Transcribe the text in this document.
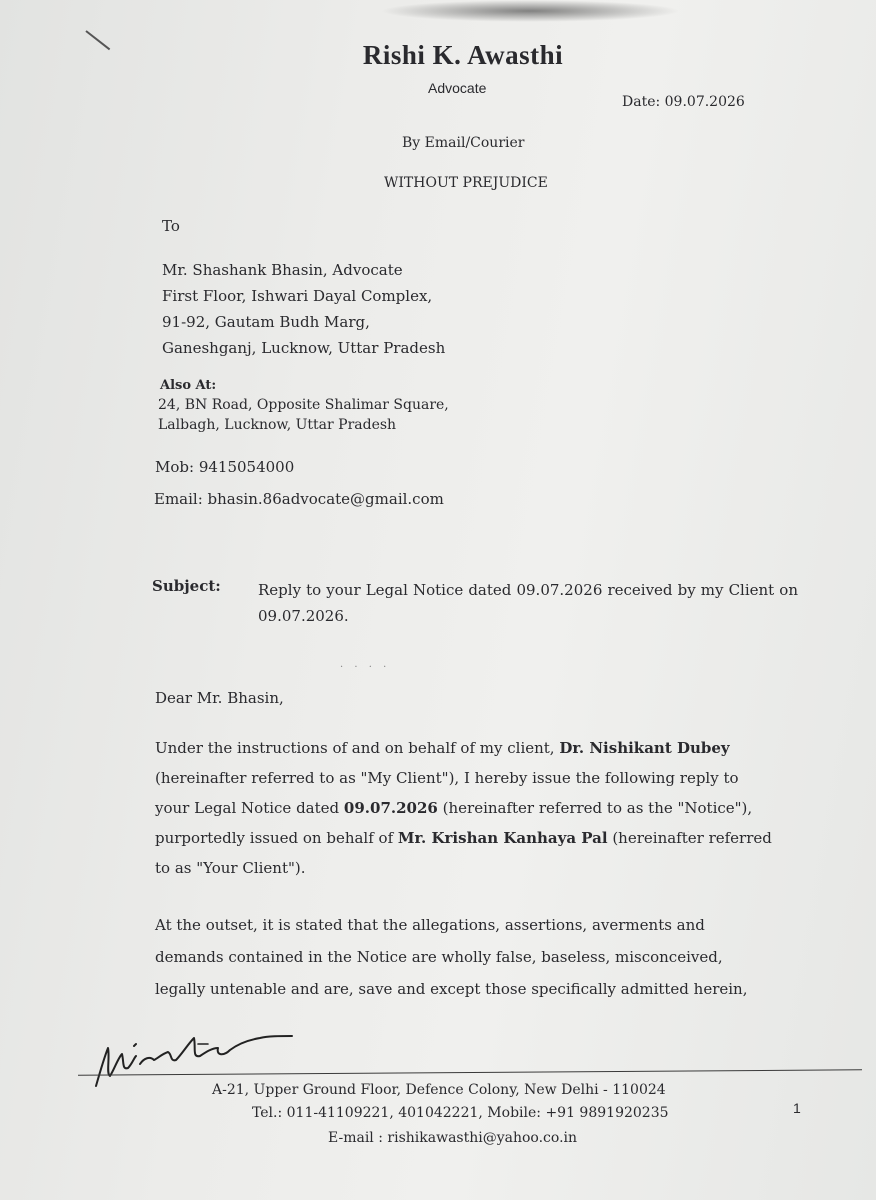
Rishi K. Awasthi
Advocate
Date: 09.07.2026
By Email/Courier
WITHOUT PREJUDICE
To
Mr. Shashank Bhasin, Advocate
First Floor, Ishwari Dayal Complex,
91-92, Gautam Budh Marg,
Ganeshganj, Lucknow, Uttar Pradesh
Also At:
24, BN Road, Opposite Shalimar Square,
Lalbagh, Lucknow, Uttar Pradesh
Mob: 9415054000
Email: bhasin.86advocate@gmail.com
Subject: Reply to your Legal Notice dated 09.07.2026 received by my Client on 09.07.2026.
· · · ·
Dear Mr. Bhasin,
Under the instructions of and on behalf of my client, Dr. Nishikant Dubey
(hereinafter referred to as "My Client"), I hereby issue the following reply to
your Legal Notice dated 09.07.2026 (hereinafter referred to as the "Notice"),
purportedly issued on behalf of Mr. Krishan Kanhaya Pal (hereinafter referred
to as "Your Client").
At the outset, it is stated that the allegations, assertions, averments and
demands contained in the Notice are wholly false, baseless, misconceived,
legally untenable and are, save and except those specifically admitted herein,
A-21, Upper Ground Floor, Defence Colony, New Delhi - 110024
Tel.: 011-41109221, 401042221, Mobile: +91 9891920235
E-mail : rishikawasthi@yahoo.co.in
1
